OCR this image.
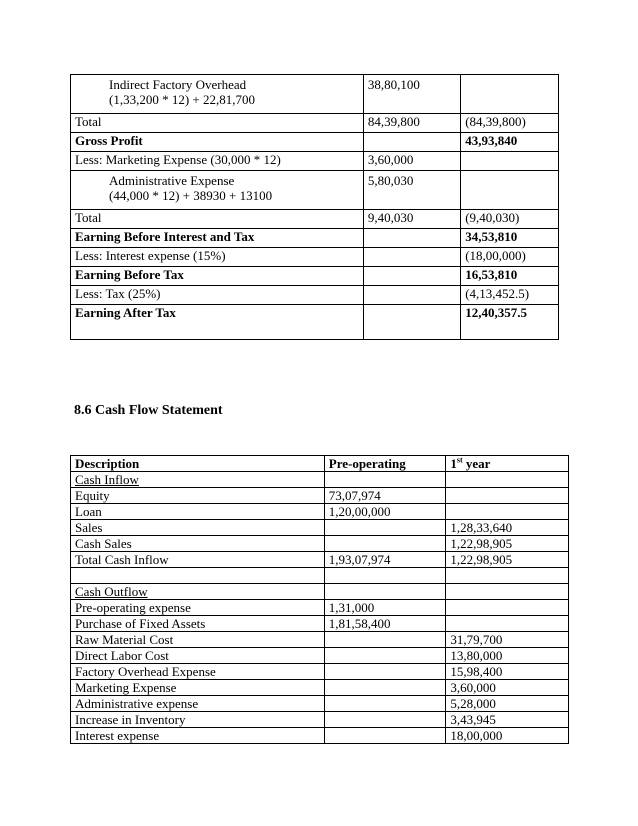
Indirect Factory Overhead
(1,33,200 * 12) + 22,81,700	38,80,100	
Total	84,39,800	(84,39,800)
Gross Profit		43,93,840
Less: Marketing Expense (30,000 * 12)	3,60,000	

Administrative Expense
(44,000 * 12) + 38930 + 13100	5,80,030	
Total	9,40,030	(9,40,030)
Earning Before Interest and Tax		34,53,810
Less: Interest expense (15%)		(18,00,000)
Earning Before Tax		16,53,810
Less: Tax (25%)		(4,13,452.5)
Earning After Tax		12,40,357.5
8.6 Cash Flow Statement
Description	Pre-operating	1st year
Cash Inflow		
Equity	73,07,974	
Loan	1,20,00,000	
Sales		1,28,33,640
Cash Sales		1,22,98,905
Total Cash Inflow	1,93,07,974	1,22,98,905

Cash Outflow		
Pre-operating expense	1,31,000	
Purchase of Fixed Assets	1,81,58,400	
Raw Material Cost		31,79,700
Direct Labor Cost		13,80,000
Factory Overhead Expense		15,98,400
Marketing Expense		3,60,000
Administrative expense		5,28,000
Increase in Inventory		3,43,945
Interest expense		18,00,000
